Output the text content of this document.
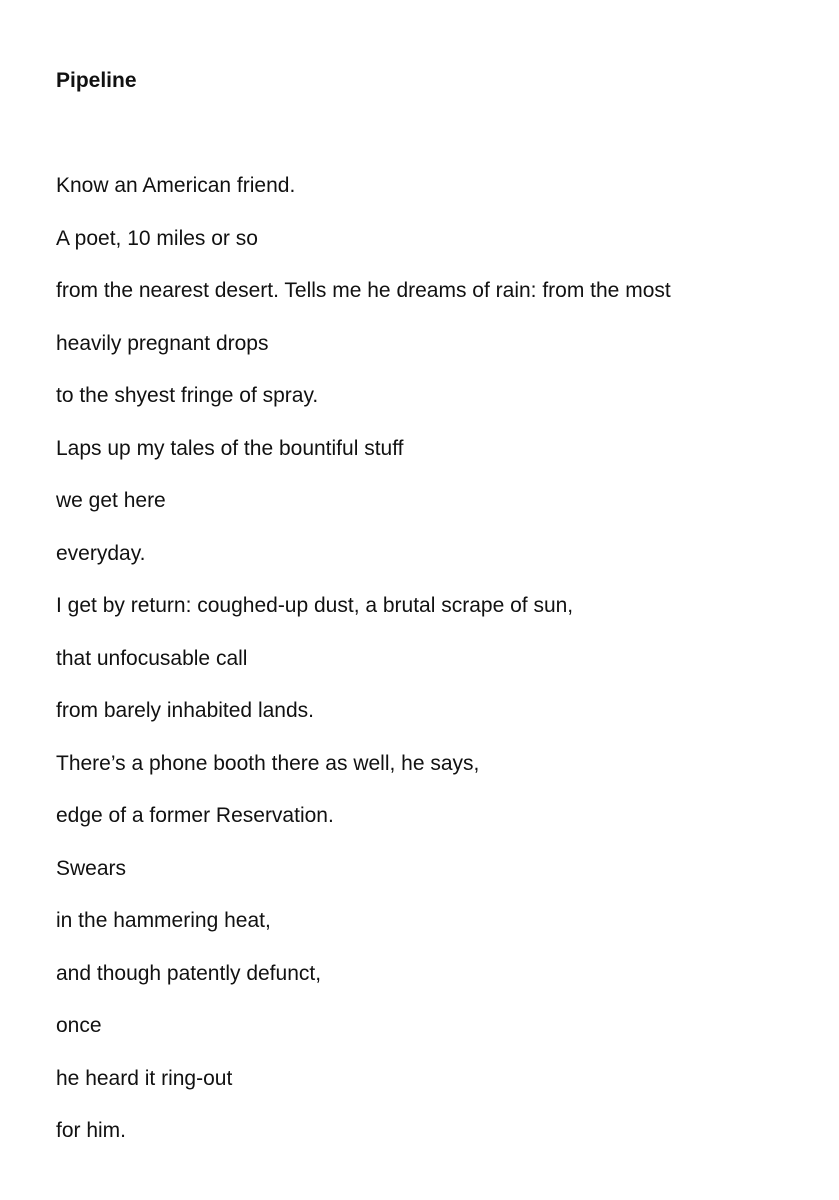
Pipeline
Know an American friend.
A poet, 10 miles or so
from the nearest desert. Tells me he dreams of rain: from the most
heavily pregnant drops
to the shyest fringe of spray.
Laps up my tales of the bountiful stuff
we get here
everyday.
I get by return: coughed-up dust, a brutal scrape of sun,
that unfocusable call
from barely inhabited lands.
There’s a phone booth there as well, he says,
edge of a former Reservation.
Swears
in the hammering heat,
and though patently defunct,
once
he heard it ring-out
for him.
